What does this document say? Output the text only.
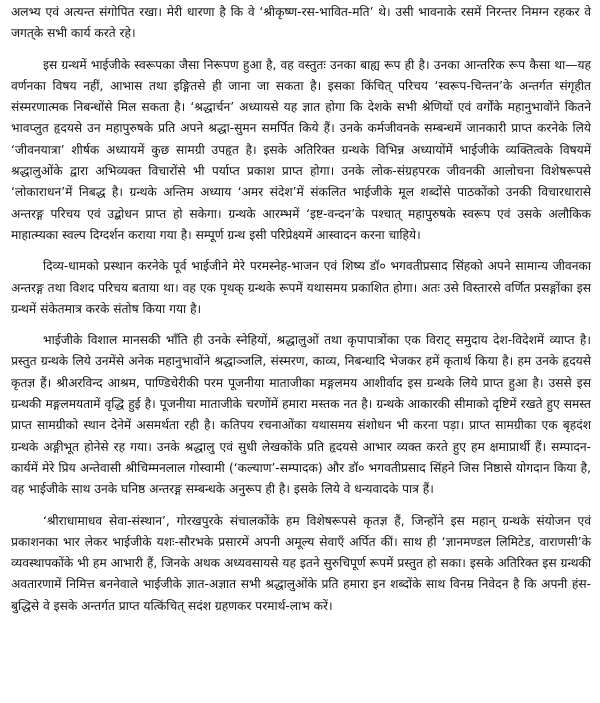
अलभ्य एवं अत्यन्त संगोपित रखा। मेरी धारणा है कि वे ‘श्रीकृष्ण-रस-भावित-मति’ थे। उसी भावनाके रसमें निरन्तर निमग्न रहकर वे जगत्‌के सभी कार्य करते रहे।

इस ग्रन्थमें भाईजीके स्वरूपका जैसा निरूपण हुआ है, वह वस्तुतः उनका बाह्य रूप ही है। उनका आन्तरिक रूप कैसा था—यह वर्णनका विषय नहीं, आभास तथा इङ्गितसे ही जाना जा सकता है। इसका किंचित् परिचय ‘स्वरूप-चिन्तन’के अन्तर्गत संगृहीत संस्मरणात्मक निबन्धोंसे मिल सकता है। ‘श्रद्धार्चन’ अध्यायसे यह ज्ञात होगा कि देशके सभी श्रेणियों एवं वर्गोंके महानुभावोंने कितने भावप्लुत हृदयसे उन महापुरुषके प्रति अपने श्रद्धा-सुमन समर्पित किये हैं। उनके कर्मजीवनके सम्बन्धमें जानकारी प्राप्त करनेके लिये ‘जीवनयात्रा’ शीर्षक अध्यायमें कुछ सामग्री उपहृत है। इसके अतिरिक्त ग्रन्थके विभिन्न अध्यायोंमें भाईजीके व्यक्तित्वके विषयमें श्रद्धालुओंके द्वारा अभिव्यक्त विचारोंसे भी पर्याप्त प्रकाश प्राप्त होगा। उनके लोक-संग्रहपरक जीवनकी आलोचना विशेषरूपसे ‘लोकाराधन’में निबद्ध है। ग्रन्थके अन्तिम अध्याय ‘अमर संदेश’में संकलित भाईजीके मूल शब्दोंसे पाठकोंको उनकी विचारधारासे अन्तरङ्ग परिचय एवं उद्बोधन प्राप्त हो सकेगा। ग्रन्थके आरम्भमें ‘इष्ट-वन्दन’के पश्चात् महापुरुषके स्वरूप एवं उसके अलौकिक माहात्म्यका स्वल्प दिग्दर्शन कराया गया है। सम्पूर्ण ग्रन्थ इसी परिप्रेक्ष्यमें आस्वादन करना चाहिये।

दिव्य-धामको प्रस्थान करनेके पूर्व भाईजीने मेरे परमस्नेह-भाजन एवं शिष्य डॉ० भगवतीप्रसाद सिंहको अपने सामान्य जीवनका अन्तरङ्ग तथा विशद परिचय बताया था। वह एक पृथक् ग्रन्थके रूपमें यथासमय प्रकाशित होगा। अतः उसे विस्तारसे वर्णित प्रसङ्गोंका इस ग्रन्थमें संकेतमात्र करके संतोष किया गया है।

भाईजीके विशाल मानसकी भाँति ही उनके स्नेहियों, श्रद्धालुओं तथा कृपापात्रोंका एक विराट् समुदाय देश-विदेशमें व्याप्त है। प्रस्तुत ग्रन्थके लिये उनमेंसे अनेक महानुभावोंने श्रद्धाञ्जलि, संस्मरण, काव्य, निबन्धादि भेजकर हमें कृतार्थ किया है। हम उनके हृदयसे कृतज्ञ हैं। श्रीअरविन्द आश्रम, पाण्डिचेरीकी परम पूजनीया माताजीका मङ्गलमय आशीर्वाद इस ग्रन्थके लिये प्राप्त हुआ है। उससे इस ग्रन्थकी मङ्गलमयतामें वृद्धि हुई है। पूजनीया माताजीके चरणोंमें हमारा मस्तक नत है। ग्रन्थके आकारकी सीमाको दृष्टिमें रखते हुए समस्त प्राप्त सामग्रीको स्थान देनेमें असमर्थता रही है। कतिपय रचनाओंका यथासमय संशोधन भी करना पड़ा। प्राप्त सामग्रीका एक बृहदंश ग्रन्थके अङ्गीभूत होनेसे रह गया। उनके श्रद्धालु एवं सुधी लेखकोंके प्रति हृदयसे आभार व्यक्त करते हुए हम क्षमाप्रार्थी हैं। सम्पादन-कार्यमें मेरे प्रिय अन्तेवासी श्रीचिम्मनलाल गोस्वामी (‘कल्याण’-सम्पादक) और डॉ० भगवतीप्रसाद सिंहने जिस निष्ठासे योगदान किया है, वह भाईजीके साथ उनके घनिष्ठ अन्तरङ्ग सम्बन्धके अनुरूप ही है। इसके लिये वे धन्यवादके पात्र हैं।

‘श्रीराधामाधव सेवा-संस्थान’, गोरखपुरके संचालकोंके हम विशेषरूपसे कृतज्ञ हैं, जिन्होंने इस महान् ग्रन्थके संयोजन एवं प्रकाशनका भार लेकर भाईजीके यशः-सौरभके प्रसारमें अपनी अमूल्य सेवाएँ अर्पित कीं। साथ ही ‘ज्ञानमण्डल लिमिटेड, वाराणसी’के व्यवस्थापकोंके भी हम आभारी हैं, जिनके अथक अध्यवसायसे यह इतने सुरुचिपूर्ण रूपमें प्रस्तुत हो सका। इसके अतिरिक्त इस ग्रन्थकी अवतारणामें निमित्त बननेवाले भाईजीके ज्ञात-अज्ञात सभी श्रद्धालुओंके प्रति हमारा इन शब्दोंके साथ विनम्र निवेदन है कि अपनी हंस-बुद्धिसे वे इसके अन्तर्गत प्राप्त यत्किंचित् सदंश ग्रहणकर परमार्थ-लाभ करें।
